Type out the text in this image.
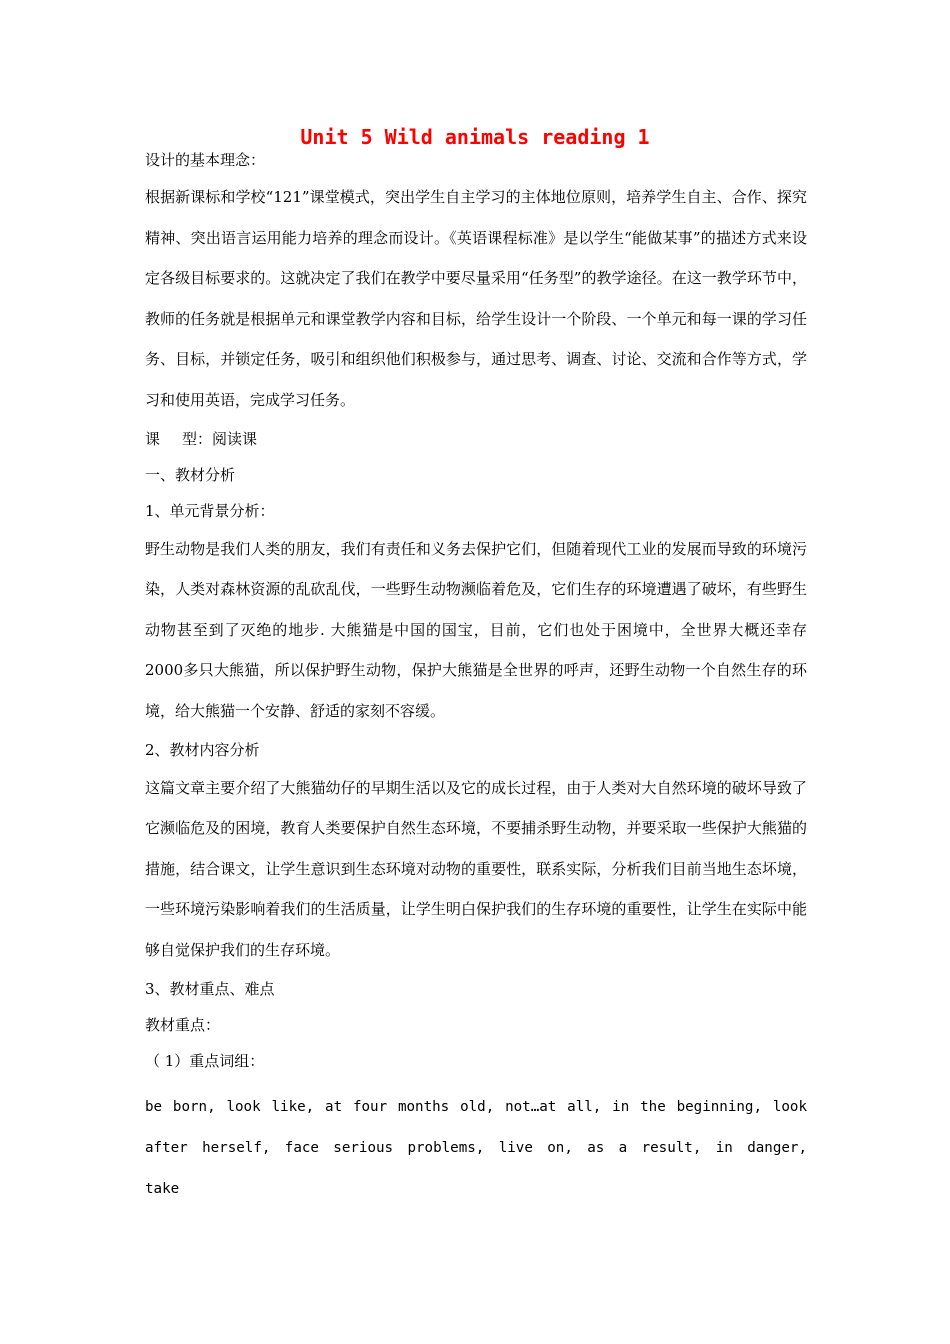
Unit 5 Wild animals reading 1
设计的基本理念：

根据新课标和学校“121”课堂模式，突出学生自主学习的主体地位原则，培养学生自主、合作、探究精神、突出语言运用能力培养的理念而设计。《英语课程标准》是以学生“能做某事”的描述方式来设定各级目标要求的。这就决定了我们在教学中要尽量采用“任务型”的教学途径。在这一教学环节中，教师的任务就是根据单元和课堂教学内容和目标，给学生设计一个阶段、一个单元和每一课的学习任务、目标，并锁定任务，吸引和组织他们积极参与，通过思考、调查、讨论、交流和合作等方式，学习和使用英语，完成学习任务。

课 型：阅读课
一、教材分析
1、单元背景分析：

野生动物是我们人类的朋友，我们有责任和义务去保护它们，但随着现代工业的发展而导致的环境污染，人类对森林资源的乱砍乱伐，一些野生动物濒临着危及，它们生存的环境遭遇了破坏，有些野生动物甚至到了灭绝的地步. 大熊猫是中国的国宝，目前，它们也处于困境中，全世界大概还幸存2000多只大熊猫，所以保护野生动物，保护大熊猫是全世界的呼声，还野生动物一个自然生存的环境，给大熊猫一个安静、舒适的家刻不容缓。

2、教材内容分析

这篇文章主要介绍了大熊猫幼仔的早期生活以及它的成长过程，由于人类对大自然环境的破坏导致了它濒临危及的困境，教育人类要保护自然生态环境，不要捕杀野生动物，并要采取一些保护大熊猫的措施，结合课文，让学生意识到生态环境对动物的重要性，联系实际，分析我们目前当地生态坏境，一些环境污染影响着我们的生活质量，让学生明白保护我们的生存环境的重要性，让学生在实际中能够自觉保护我们的生存环境。

3、教材重点、难点
教材重点：
（ 1）重点词组：
be born, look like, at four months old, not…at all, in the beginning, look
after herself, face serious problems, live on, as a result, in danger, take
